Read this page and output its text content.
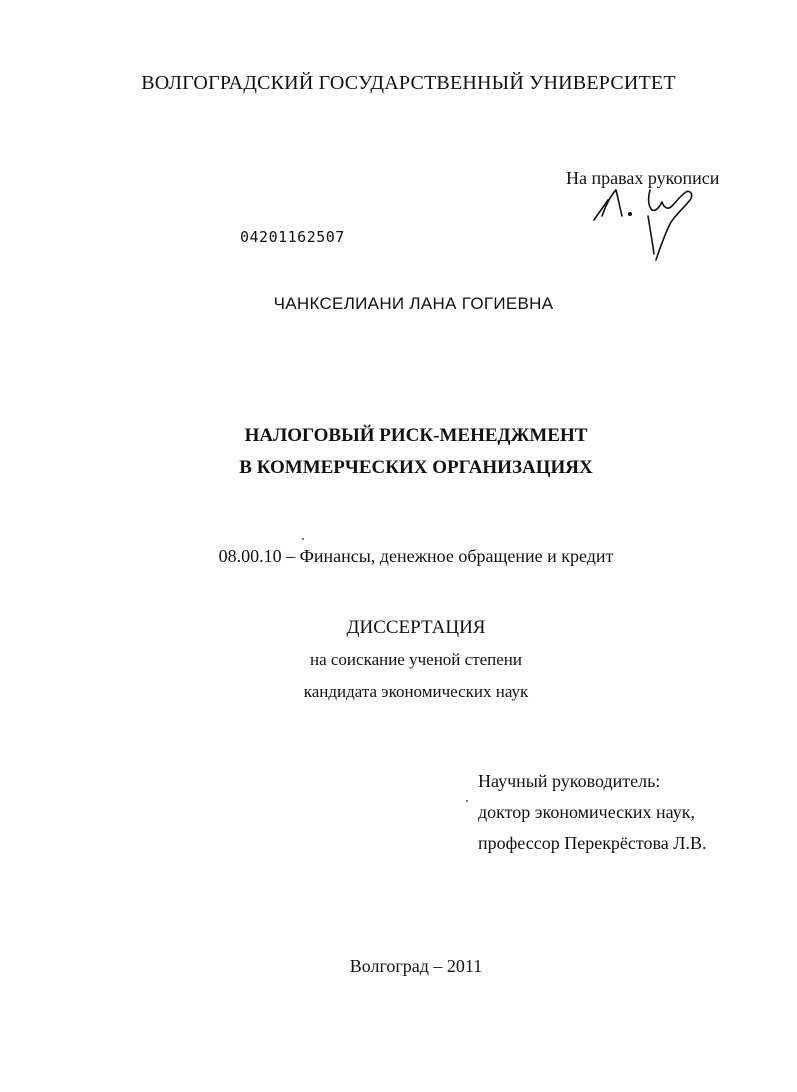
ВОЛГОГРАДСКИЙ ГОСУДАРСТВЕННЫЙ УНИВЕРСИТЕТ
На правах рукописи
04201162507
ЧАНКСЕЛИАНИ ЛАНА ГОГИЕВНА
НАЛОГОВЫЙ РИСК-МЕНЕДЖМЕНТ
В КОММЕРЧЕСКИХ ОРГАНИЗАЦИЯХ
08.00.10 – Финансы, денежное обращение и кредит
ДИССЕРТАЦИЯ
на соискание ученой степени
кандидата экономических наук
Научный руководитель:
доктор экономических наук,
профессор Перекрёстова Л.В.
Волгоград – 2011
